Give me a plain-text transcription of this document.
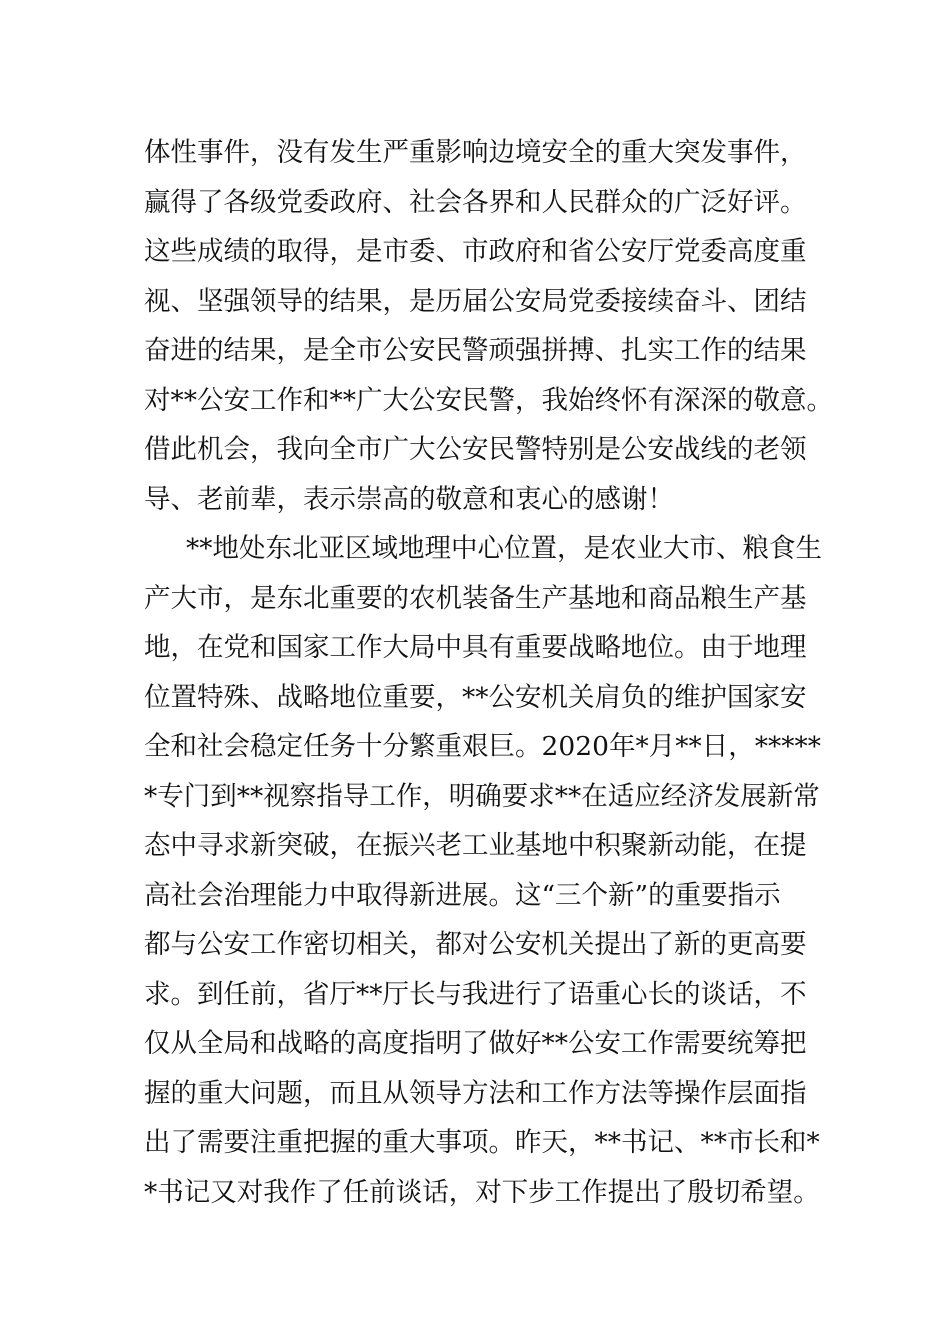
体性事件，没有发生严重影响边境安全的重大突发事件，
赢得了各级党委政府、社会各界和人民群众的广泛好评。
这些成绩的取得，是市委、市政府和省公安厅党委高度重
视、坚强领导的结果，是历届公安局党委接续奋斗、团结
奋进的结果，是全市公安民警顽强拼搏、扎实工作的结果
对**公安工作和**广大公安民警，我始终怀有深深的敬意。
借此机会，我向全市广大公安民警特别是公安战线的老领
导、老前辈，表示崇高的敬意和衷心的感谢！
**地处东北亚区域地理中心位置，是农业大市、粮食生
产大市，是东北重要的农机装备生产基地和商品粮生产基
地，在党和国家工作大局中具有重要战略地位。由于地理
位置特殊、战略地位重要，**公安机关肩负的维护国家安
全和社会稳定任务十分繁重艰巨。2020年*月**日，*****
*专门到**视察指导工作，明确要求**在适应经济发展新常
态中寻求新突破，在振兴老工业基地中积聚新动能，在提
高社会治理能力中取得新进展。这“三个新”的重要指示
都与公安工作密切相关，都对公安机关提出了新的更高要
求。到任前，省厅**厅长与我进行了语重心长的谈话，不
仅从全局和战略的高度指明了做好**公安工作需要统筹把
握的重大问题，而且从领导方法和工作方法等操作层面指
出了需要注重把握的重大事项。昨天，**书记、**市长和*
*书记又对我作了任前谈话，对下步工作提出了殷切希望。
